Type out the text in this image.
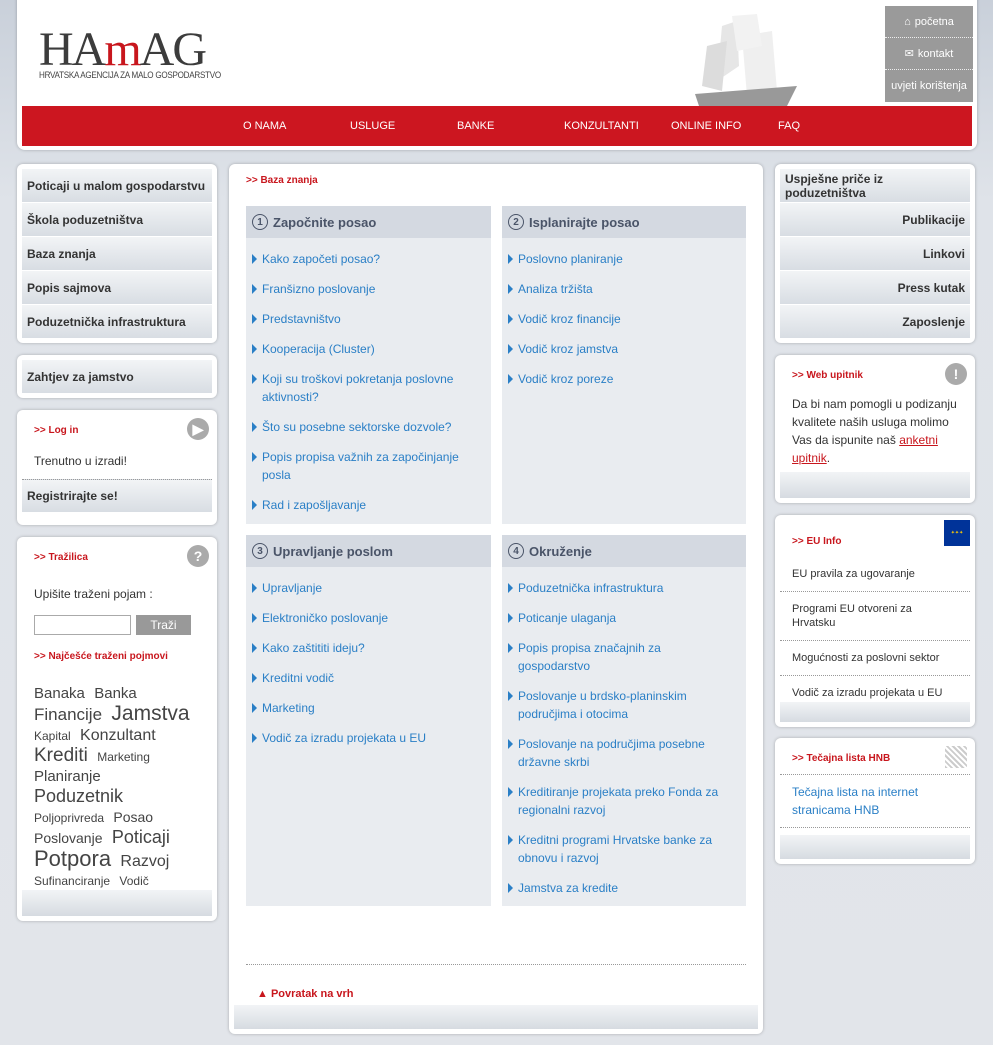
HAmAG
HRVATSKA AGENCIJA ZA MALO GOSPODARSTVO
⌂ početna
✉ kontakt
uvjeti korištenja
O NAMA	USLUGE	BANKE	KONZULTANTI	ONLINE INFO	FAQ
Poticaji u malom gospodarstvu
Škola poduzetništva
Baza znanja
Popis sajmova
Poduzetnička infrastruktura
Zahtjev za jamstvo
>> Log in	▶
Trenutno u izradi!
Registrirajte se!
>> Tražilica	?
Upišite traženi pojam :
Traži
>> Najčešće traženi pojmovi
Banaka Banka Financije Jamstva Kapital Konzultant Krediti Marketing Planiranje Poduzetnik Poljoprivreda Posao Poslovanje Poticaji Potpora Razvoj Sufinanciranje Vodič
>> Baza znanja
1 Započnite posao
Kako započeti posao?
Franšizno poslovanje
Predstavništvo
Kooperacija (Cluster)
Koji su troškovi pokretanja poslovne aktivnosti?
Što su posebne sektorske dozvole?
Popis propisa važnih za započinjanje posla
Rad i zapošljavanje
2 Isplanirajte posao
Poslovno planiranje
Analiza tržišta
Vodič kroz financije
Vodič kroz jamstva
Vodič kroz poreze
3 Upravljanje poslom
Upravljanje
Elektroničko poslovanje
Kako zaštititi ideju?
Kreditni vodič
Marketing
Vodič za izradu projekata u EU
4 Okruženje
Poduzetnička infrastruktura
Poticanje ulaganja
Popis propisa značajnih za gospodarstvo
Poslovanje u brdsko-planinskim područjima i otocima
Poslovanje na područjima posebne državne skrbi
Kreditiranje projekata preko Fonda za regionalni razvoj
Kreditni programi Hrvatske banke za obnovu i razvoj
Jamstva za kredite
▲ Povratak na vrh
Uspješne priče iz poduzetništva
Publikacije
Linkovi
Press kutak
Zaposlenje
>> Web upitnik	!
Da bi nam pomogli u podizanju kvalitete naših usluga molimo Vas da ispunite naš anketni upitnik.
>> EU Info
✦✦✦
EU pravila za ugovaranje
Programi EU otvoreni za Hrvatsku
Mogućnosti za poslovni sektor
Vodič za izradu projekata u EU
>> Tečajna lista HNB
Tečajna lista na internet stranicama HNB
